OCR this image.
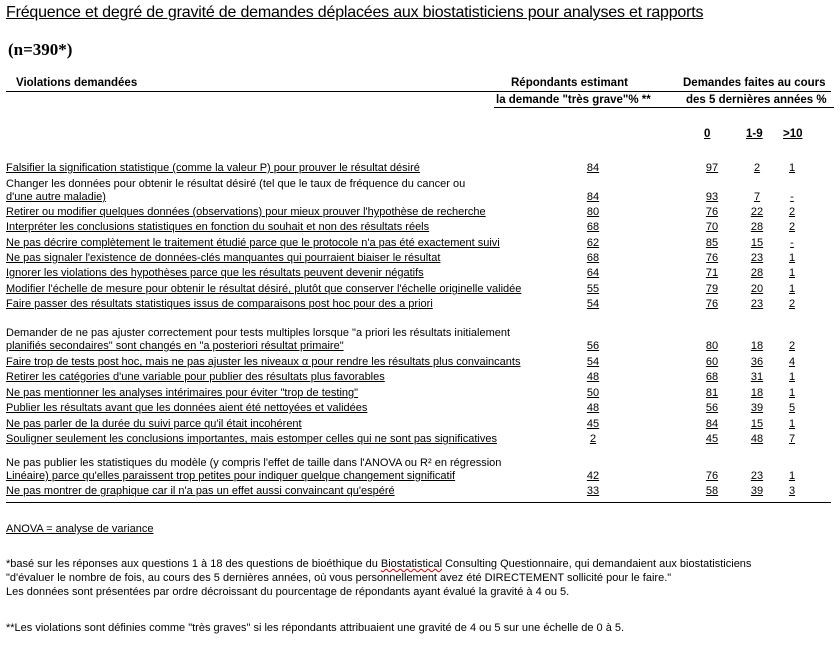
Fréquence et degré de gravité de demandes déplacées aux biostatisticiens pour analyses et rapports
(n=390*)
Violations demandées	Répondants estimant
la demande "très grave"% **
Demandes faites au cours
des 5 dernières années %
0	1-9 >10
Falsifier la signification statistique (comme la valeur P) pour prouver le résultat désiré	84	97	2	1
Changer les données pour obtenir le résultat désiré (tel que le taux de fréquence du cancer ou
d'une autre maladie)	84	93	7	-
Retirer ou modifier quelques données (observations) pour mieux prouver l'hypothèse de recherche	80	76	22	2
Interpréter les conclusions statistiques en fonction du souhait et non des résultats réels	68	70	28	2
Ne pas décrire complètement le traitement étudié parce que le protocole n'a pas été exactement suivi	62	85	15	-
Ne pas signaler l'existence de données-clés manquantes qui pourraient biaiser le résultat	68	76	23	1
Ignorer les violations des hypothèses parce que les résultats peuvent devenir négatifs	64	71	28	1
Modifier l'échelle de mesure pour obtenir le résultat désiré, plutôt que conserver l'échelle originelle validée	55	79	20	1
Faire passer des résultats statistiques issus de comparaisons post hoc pour des a priori	54	76	23	2
Demander de ne pas ajuster correctement pour tests multiples lorsque "a priori les résultats initialement
planifiés secondaires" sont changés en "a posteriori résultat primaire"	56	80	18	2
Faire trop de tests post hoc, mais ne pas ajuster les niveaux α pour rendre les résultats plus convaincants	54	60	36	4
Retirer les catégories d'une variable pour publier des résultats plus favorables	48	68	31	1
Ne pas mentionner les analyses intérimaires pour éviter "trop de testing"	50	81	18	1
Publier les résultats avant que les données aient été nettoyées et validées	48	56	39	5
Ne pas parler de la durée du suivi parce qu'il était incohérent	45	84	15	1
Souligner seulement les conclusions importantes, mais estomper celles qui ne sont pas significatives	2	45	48	7
Ne pas publier les statistiques du modèle (y compris l'effet de taille dans l'ANOVA ou R² en régression
Linéaire) parce qu'elles paraissent trop petites pour indiquer quelque changement significatif	42	76	23	1
Ne pas montrer de graphique car il n'a pas un effet aussi convaincant qu'espéré	33	58	39	3
ANOVA = analyse de variance
*basé sur les réponses aux questions 1 à 18 des questions de bioéthique du Biostatistical Consulting Questionnaire, qui demandaient aux biostatisticiens
"d'évaluer le nombre de fois, au cours des 5 dernières années, où vous personnellement avez été DIRECTEMENT sollicité pour le faire."
Les données sont présentées par ordre décroissant du pourcentage de répondants ayant évalué la gravité à 4 ou 5.
**Les violations sont définies comme "très graves" si les répondants attribuaient une gravité de 4 ou 5 sur une échelle de 0 à 5.
